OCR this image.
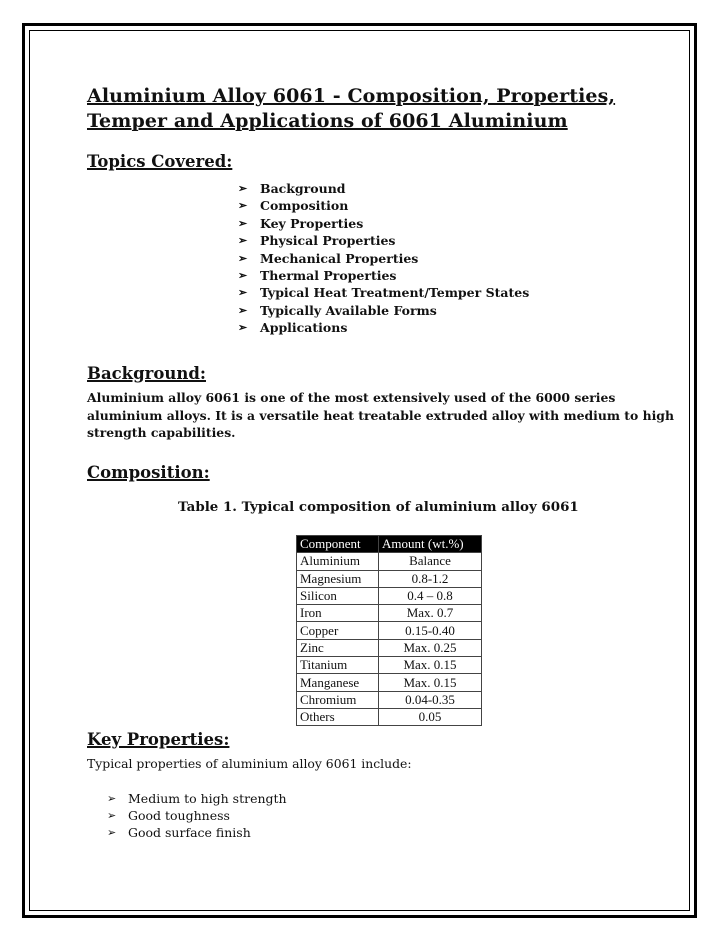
Aluminium Alloy 6061 - Composition, Properties,
Temper and Applications of 6061 Aluminium
Topics Covered:
➢ Background
➢ Composition
➢ Key Properties
➢ Physical Properties
➢ Mechanical Properties
➢ Thermal Properties
➢ Typical Heat Treatment/Temper States
➢ Typically Available Forms
➢ Applications
Background:

Aluminium alloy 6061 is one of the most extensively used of the 6000 series aluminium alloys. It is a versatile heat treatable extruded alloy with medium to high strength capabilities.

Composition:

Table 1. Typical composition of aluminium alloy 6061

Component	Amount (wt.%)
Aluminium	Balance
Magnesium	0.8-1.2
Silicon	0.4 – 0.8
Iron	Max. 0.7
Copper	0.15-0.40
Zinc	Max. 0.25
Titanium	Max. 0.15
Manganese	Max. 0.15
Chromium	0.04-0.35
Others	0.05
Key Properties:

Typical properties of aluminium alloy 6061 include:

➢ Medium to high strength
➢ Good toughness
➢ Good surface finish
